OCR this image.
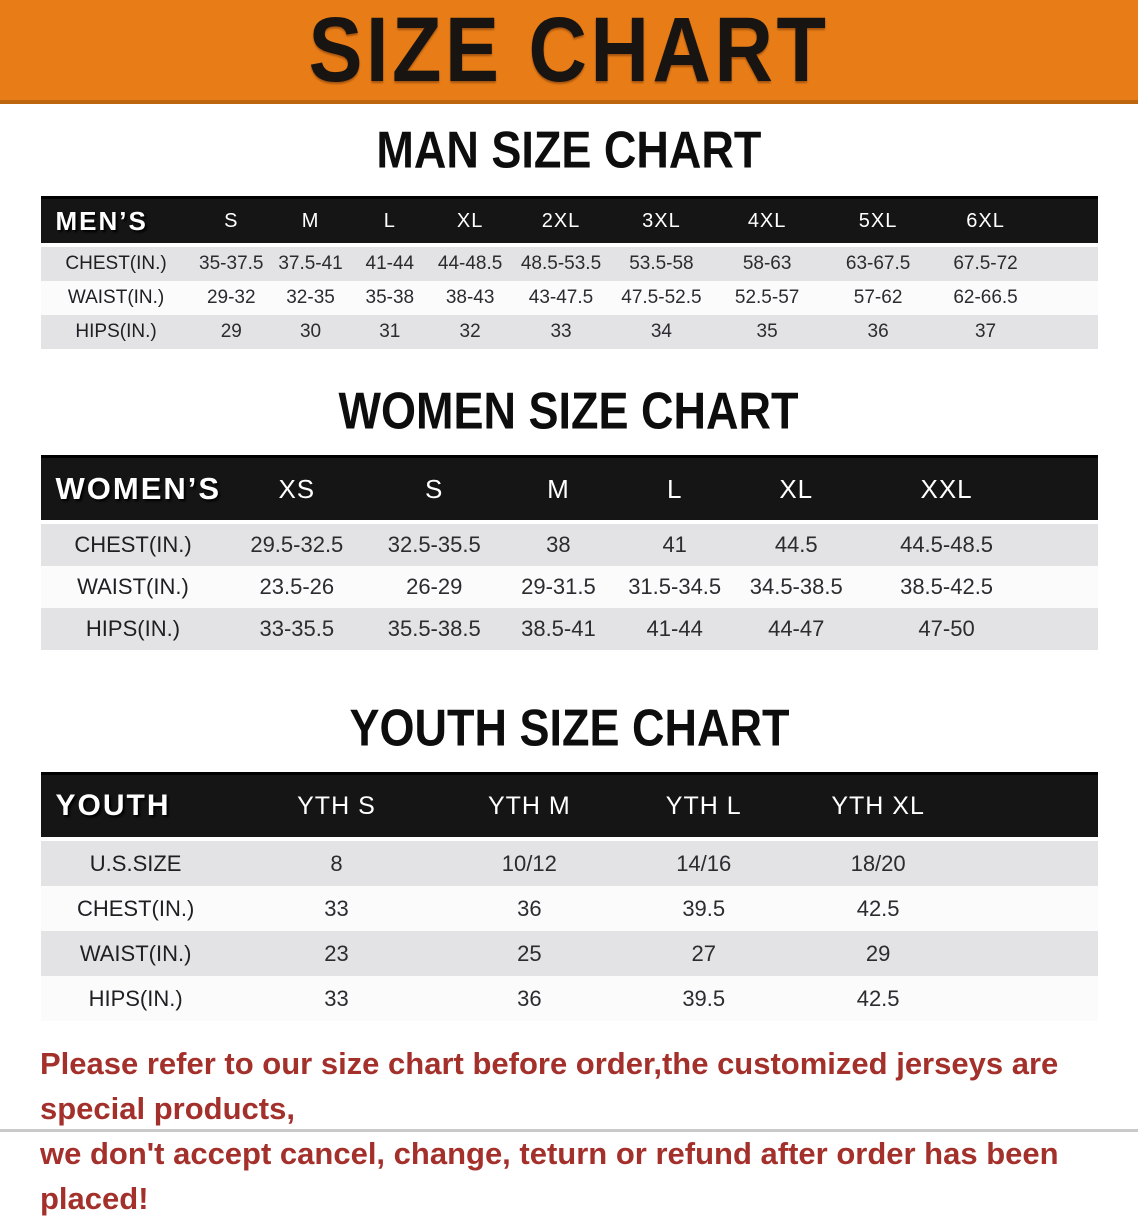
SIZE CHART
MAN SIZE CHART
MEN’S	S	M	L	XL	2XL	3XL	4XL	5XL	6XL
CHEST(IN.)	35-37.5	37.5-41	41-44	44-48.5	48.5-53.5	53.5-58	58-63	63-67.5	67.5-72
WAIST(IN.)	29-32	32-35	35-38	38-43	43-47.5	47.5-52.5	52.5-57	57-62	62-66.5
HIPS(IN.)	29	30	31	32	33	34	35	36	37
WOMEN SIZE CHART
WOMEN’S	XS	S	M	L	XL	XXL
CHEST(IN.)	29.5-32.5	32.5-35.5	38	41	44.5	44.5-48.5
WAIST(IN.)	23.5-26	26-29	29-31.5	31.5-34.5	34.5-38.5	38.5-42.5
HIPS(IN.)	33-35.5	35.5-38.5	38.5-41	41-44	44-47	47-50
YOUTH SIZE CHART
YOUTH	YTH S	YTH M	YTH L	YTH XL	
U.S.SIZE	8	10/12	14/16	18/20	
CHEST(IN.)	33	36	39.5	42.5	
WAIST(IN.)	23	25	27	29	
HIPS(IN.)	33	36	39.5	42.5	

Please refer to our size chart before order,the customized jerseys are special products,

we don't accept cancel, change, teturn or refund after order has been placed!
